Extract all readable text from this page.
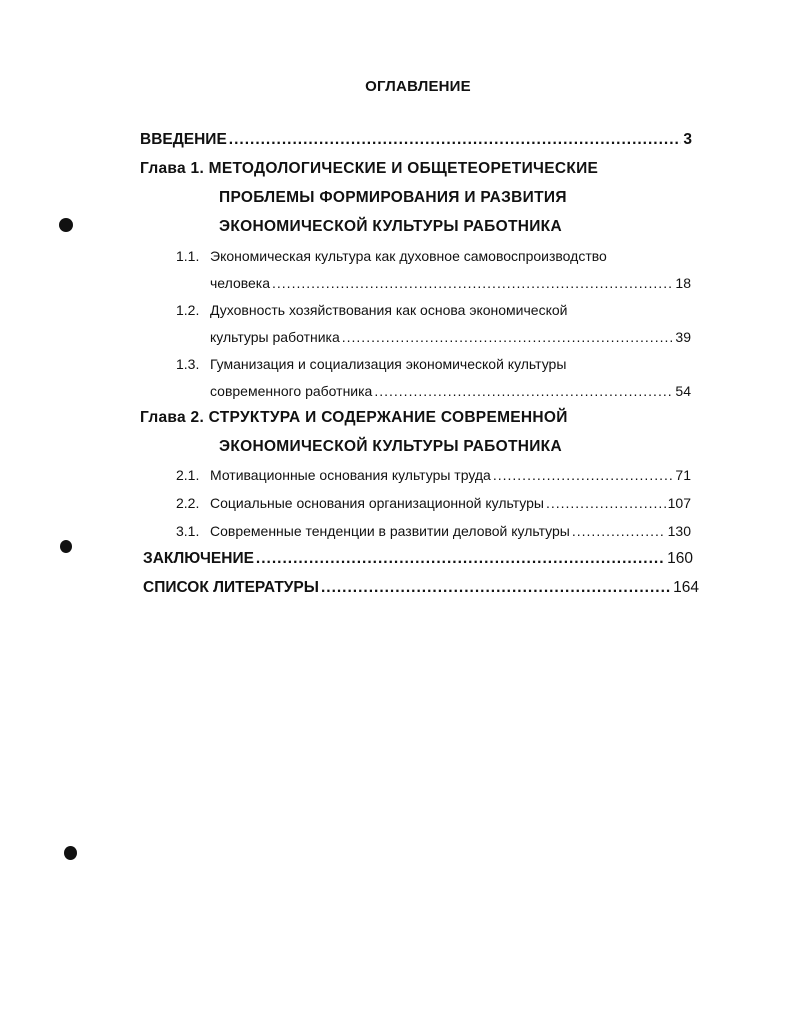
ОГЛАВЛЕНИЕ
ВВЕДЕНИЕ .....	3
Глава 1. МЕТОДОЛОГИЧЕСКИЕ И ОБЩЕТЕОРЕТИЧЕСКИЕ
ПРОБЛЕМЫ ФОРМИРОВАНИЯ И РАЗВИТИЯ
ЭКОНОМИЧЕСКОЙ КУЛЬТУРЫ РАБОТНИКА
1.1. Экономическая культура как духовное самовоспроизводство
человека .....	18
1.2. Духовность хозяйствования как основа экономической
культуры работника .....	39
1.3. Гуманизация и социализация экономической культуры
современного работника .....	54
Глава 2. СТРУКТУРА И СОДЕРЖАНИЕ СОВРЕМЕННОЙ
ЭКОНОМИЧЕСКОЙ КУЛЬТУРЫ РАБОТНИКА
2.1. Мотивационные основания культуры труда .....	71
2.2. Социальные основания организационной культуры .....	107
3.1. Современные тенденции в развитии деловой культуры .....	130
ЗАКЛЮЧЕНИЕ .....	160
СПИСОК ЛИТЕРАТУРЫ .....	164
